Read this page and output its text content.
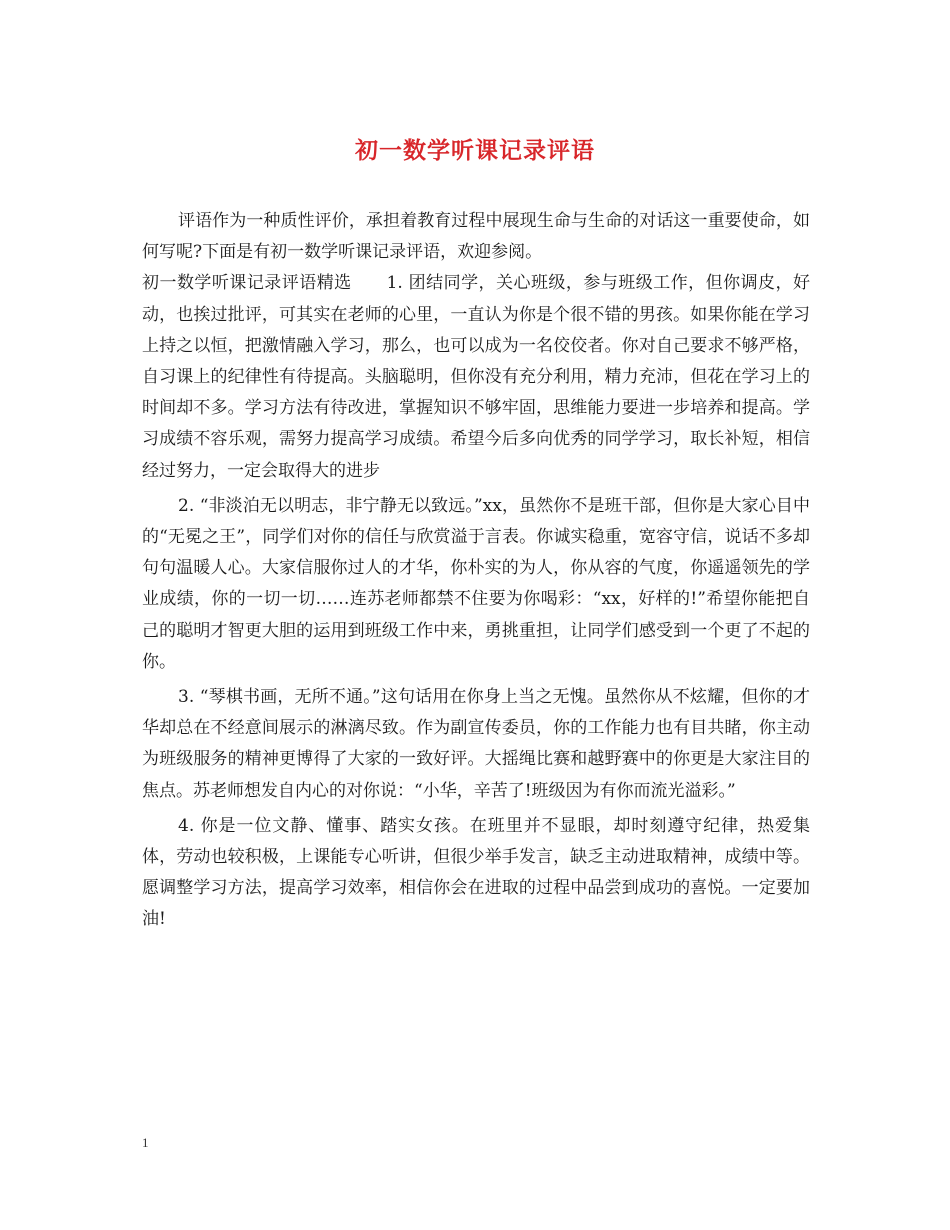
初一数学听课记录评语

评语作为一种质性评价，承担着教育过程中展现生命与生命的对话这一重要使命，如何写呢?下面是有初一数学听课记录评语，欢迎参阅。

初一数学听课记录评语精选　　1. 团结同学，关心班级，参与班级工作，但你调皮，好动，也挨过批评，可其实在老师的心里，一直认为你是个很不错的男孩。如果你能在学习上持之以恒，把激情融入学习，那么，也可以成为一名佼佼者。你对自己要求不够严格，自习课上的纪律性有待提高。头脑聪明，但你没有充分利用，精力充沛，但花在学习上的时间却不多。学习方法有待改进，掌握知识不够牢固，思维能力要进一步培养和提高。学习成绩不容乐观，需努力提高学习成绩。希望今后多向优秀的同学学习，取长补短，相信经过努力，一定会取得大的进步

2. “非淡泊无以明志，非宁静无以致远。”xx，虽然你不是班干部，但你是大家心目中的“无冕之王”，同学们对你的信任与欣赏溢于言表。你诚实稳重，宽容守信，说话不多却句句温暖人心。大家信服你过人的才华，你朴实的为人，你从容的气度，你遥遥领先的学业成绩，你的一切一切……连苏老师都禁不住要为你喝彩：“xx，好样的!”希望你能把自己的聪明才智更大胆的运用到班级工作中来，勇挑重担，让同学们感受到一个更了不起的你。

3. “琴棋书画，无所不通。”这句话用在你身上当之无愧。虽然你从不炫耀，但你的才华却总在不经意间展示的淋漓尽致。作为副宣传委员，你的工作能力也有目共睹，你主动为班级服务的精神更博得了大家的一致好评。大摇绳比赛和越野赛中的你更是大家注目的焦点。苏老师想发自内心的对你说：“小华，辛苦了!班级因为有你而流光溢彩。”

4. 你是一位文静、懂事、踏实女孩。在班里并不显眼，却时刻遵守纪律，热爱集体，劳动也较积极，上课能专心听讲，但很少举手发言，缺乏主动进取精神，成绩中等。愿调整学习方法，提高学习效率，相信你会在进取的过程中品尝到成功的喜悦。一定要加油!

1
